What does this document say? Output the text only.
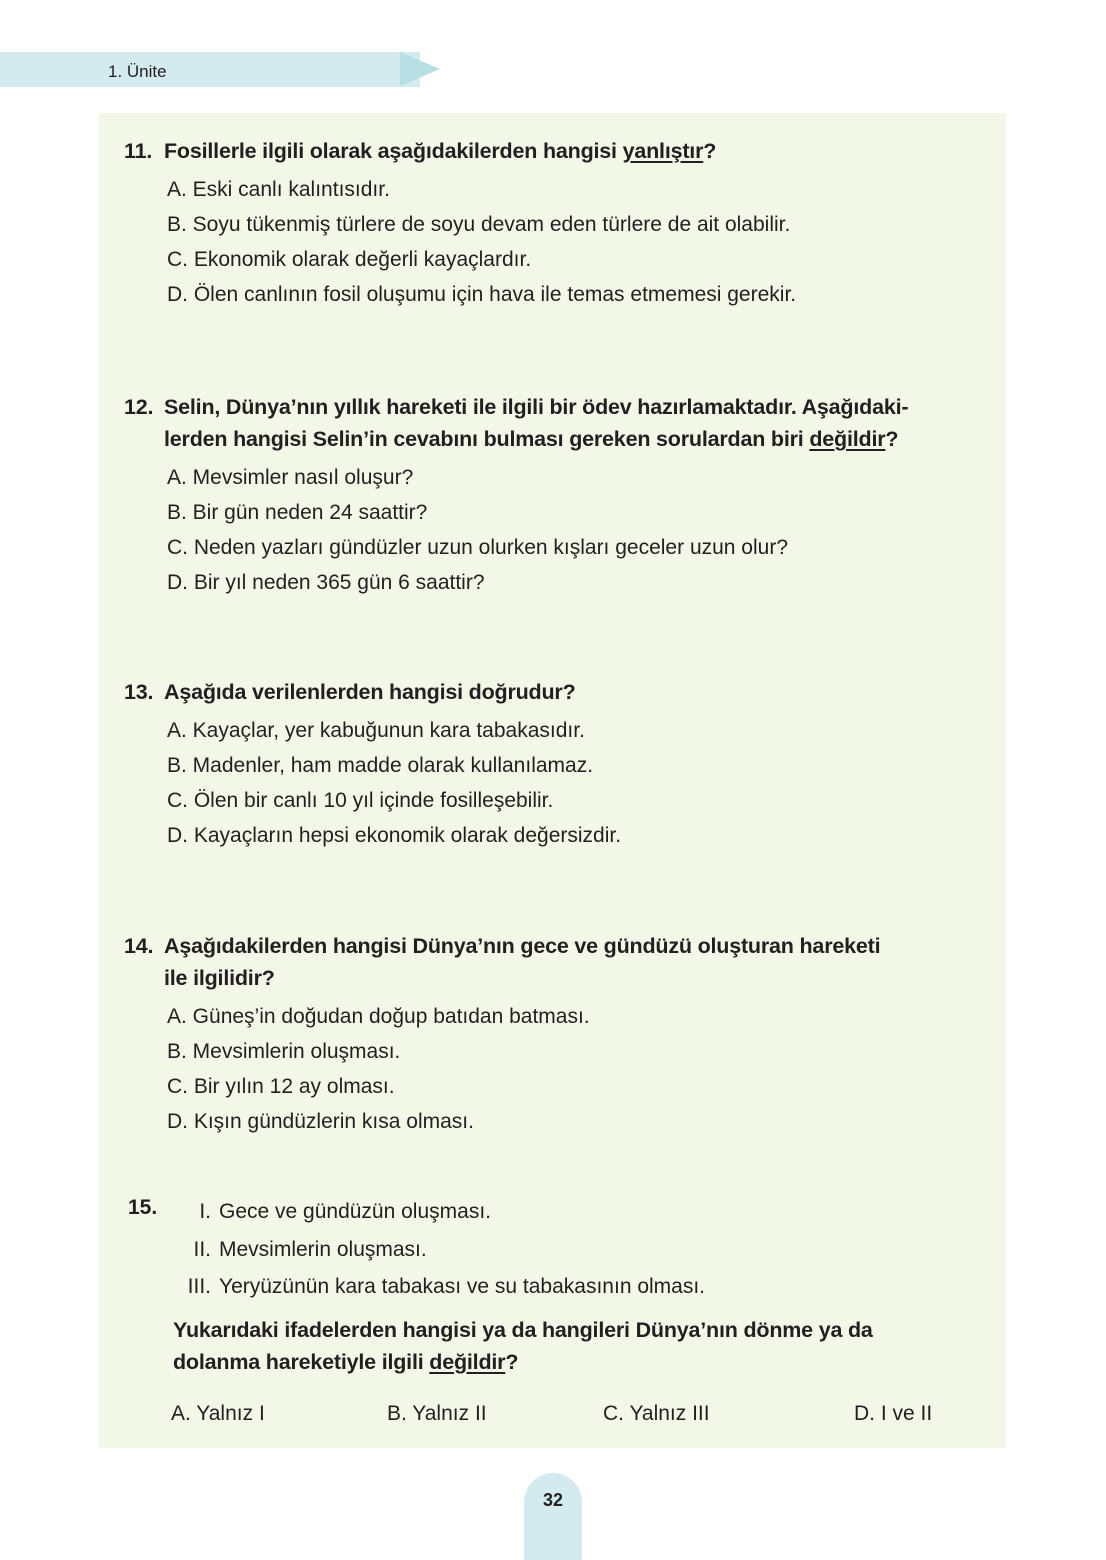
1. Ünite
11. Fosillerle ilgili olarak aşağıdakilerden hangisi yanlıştır?
A. Eski canlı kalıntısıdır.
B. Soyu tükenmiş türlere de soyu devam eden türlere de ait olabilir.
C. Ekonomik olarak değerli kayaçlardır.
D. Ölen canlının fosil oluşumu için hava ile temas etmemesi gerekir.
12. Selin, Dünya’nın yıllık hareketi ile ilgili bir ödev hazırlamaktadır. Aşağıdaki-
lerden hangisi Selin’in cevabını bulması gereken sorulardan biri değildir?
A. Mevsimler nasıl oluşur?
B. Bir gün neden 24 saattir?
C. Neden yazları gündüzler uzun olurken kışları geceler uzun olur?
D. Bir yıl neden 365 gün 6 saattir?
13. Aşağıda verilenlerden hangisi doğrudur?
A. Kayaçlar, yer kabuğunun kara tabakasıdır.
B. Madenler, ham madde olarak kullanılamaz.
C. Ölen bir canlı 10 yıl içinde fosilleşebilir.
D. Kayaçların hepsi ekonomik olarak değersizdir.
14. Aşağıdakilerden hangisi Dünya’nın gece ve gündüzü oluşturan hareketi
ile ilgilidir?
A. Güneş’in doğudan doğup batıdan batması.
B. Mevsimlerin oluşması.
C. Bir yılın 12 ay olması.
D. Kışın gündüzlerin kısa olması.
15.	I. Gece ve gündüzün oluşması.
II. Mevsimlerin oluşması.
III. Yeryüzünün kara tabakası ve su tabakasının olması.
Yukarıdaki ifadelerden hangisi ya da hangileri Dünya’nın dönme ya da
dolanma hareketiyle ilgili değildir?
A. Yalnız I	B. Yalnız II	C. Yalnız III	D. I ve II
32
